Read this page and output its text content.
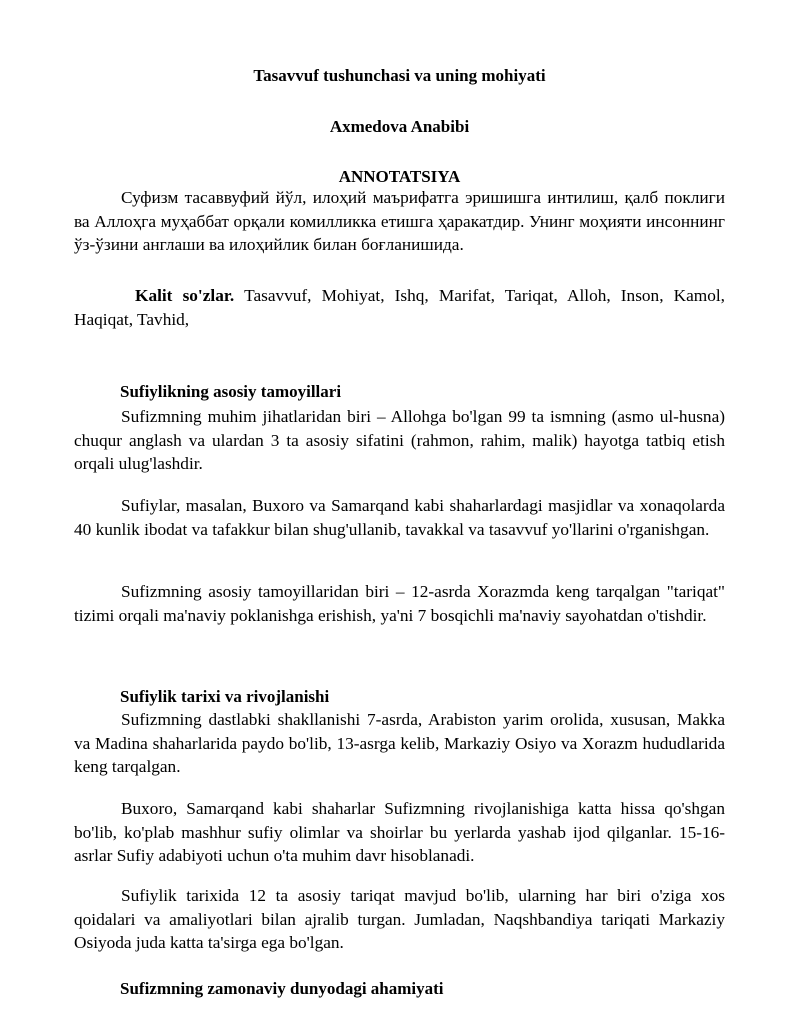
Tasavvuf tushunchasi va uning mohiyati
Axmedova Anabibi
ANNOTATSIYA

Суфизм тасаввуфий йўл, илоҳий маърифатга эришишга интилиш, қалб поклиги ва Аллоҳга муҳаббат орқали комилликка етишга ҳаракатдир. Унинг моҳияти инсоннинг ўз-ўзини англаши ва илоҳийлик билан боғланишида.

Kalit so'zlar. Tasavvuf, Mohiyat, Ishq, Marifat, Tariqat, Alloh, Inson, Kamol, Haqiqat, Tavhid,

Sufiylikning asosiy tamoyillari

Sufizmning muhim jihatlaridan biri – Allohga bo'lgan 99 ta ismning (asmo ul-husna) chuqur anglash va ulardan 3 ta asosiy sifatini (rahmon, rahim, malik) hayotga tatbiq etish orqali ulug'lashdir.

Sufiylar, masalan, Buxoro va Samarqand kabi shaharlardagi masjidlar va xonaqolarda 40 kunlik ibodat va tafakkur bilan shug'ullanib, tavakkal va tasavvuf yo'llarini o'rganishgan.

Sufizmning asosiy tamoyillaridan biri – 12-asrda Xorazmda keng tarqalgan "tariqat" tizimi orqali ma'naviy poklanishga erishish, ya'ni 7 bosqichli ma'naviy sayohatdan o'tishdir.

Sufiylik tarixi va rivojlanishi

Sufizmning dastlabki shakllanishi 7-asrda, Arabiston yarim orolida, xususan, Makka va Madina shaharlarida paydo bo'lib, 13-asrga kelib, Markaziy Osiyo va Xorazm hududlarida keng tarqalgan.

Buxoro, Samarqand kabi shaharlar Sufizmning rivojlanishiga katta hissa qo'shgan bo'lib, ko'plab mashhur sufiy olimlar va shoirlar bu yerlarda yashab ijod qilganlar. 15-16-asrlar Sufiy adabiyoti uchun o'ta muhim davr hisoblanadi.

Sufiylik tarixida 12 ta asosiy tariqat mavjud bo'lib, ularning har biri o'ziga xos qoidalari va amaliyotlari bilan ajralib turgan. Jumladan, Naqshbandiya tariqati Markaziy Osiyoda juda katta ta'sirga ega bo'lgan.

Sufizmning zamonaviy dunyodagi ahamiyati
